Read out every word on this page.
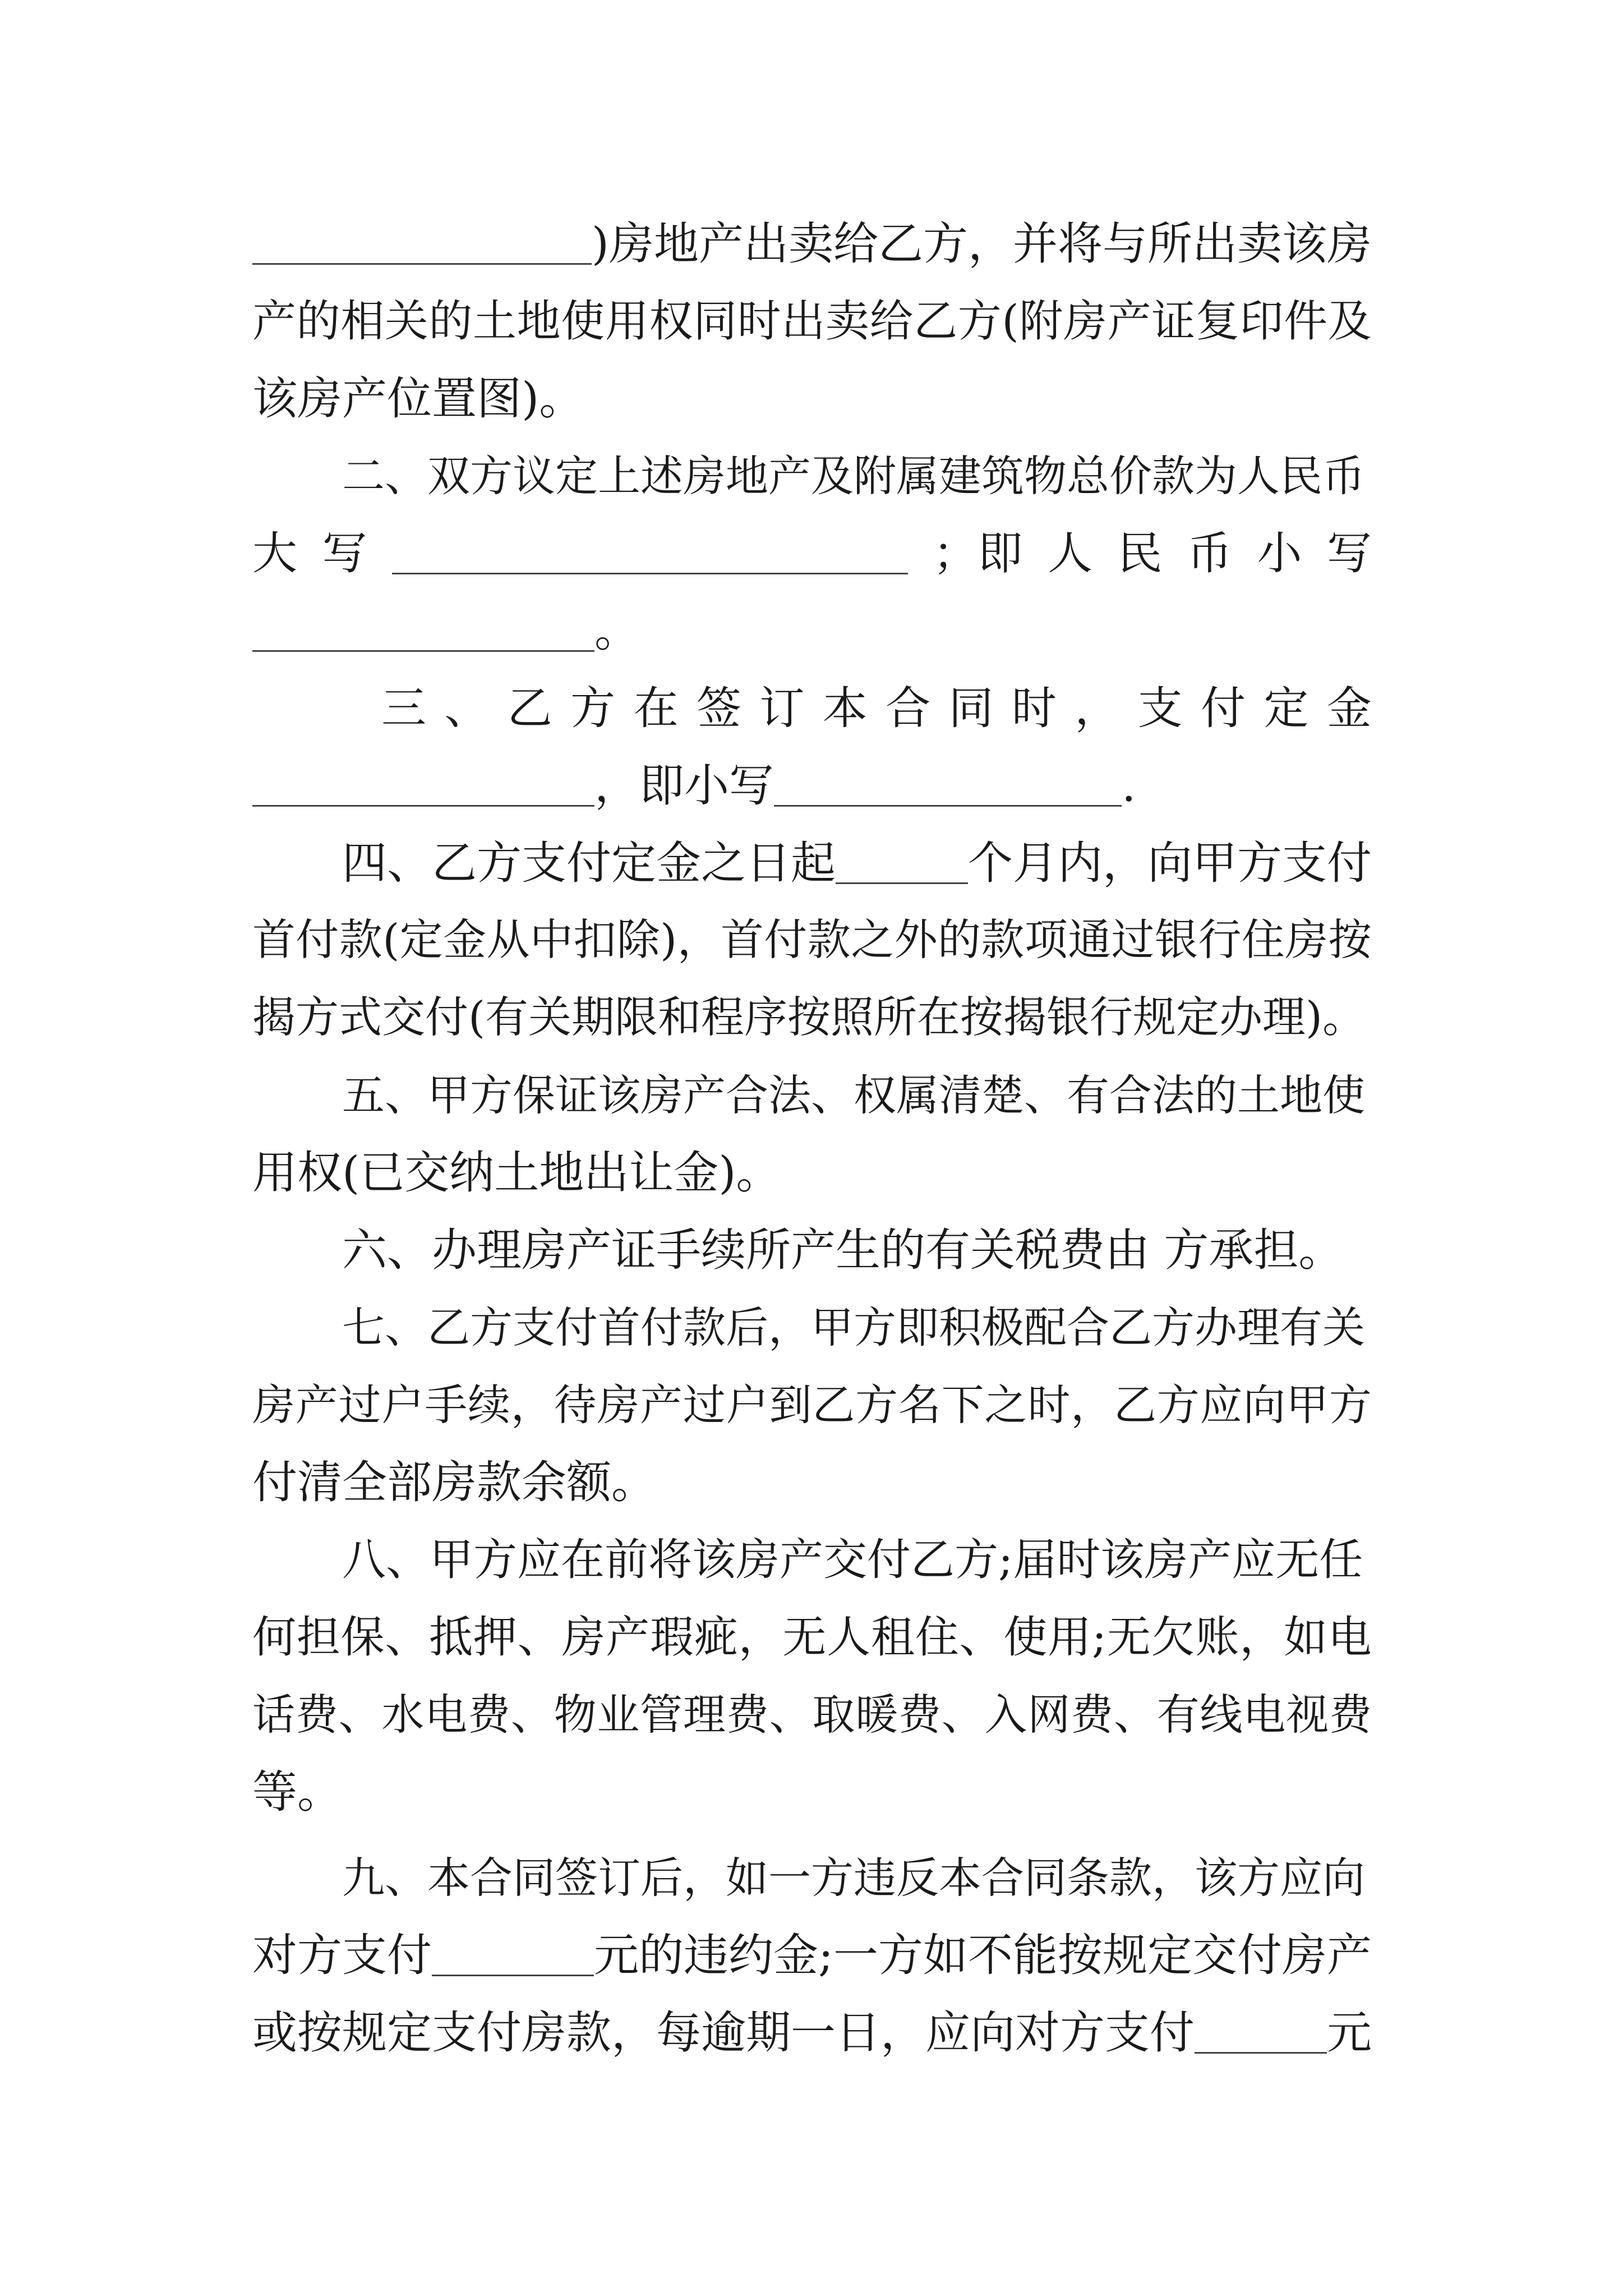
)房地产出卖给乙方，并将与所出卖该房
产 的 相 关 的 土 地 使 用 权 同 时 出 卖 给 乙 方 ( 附 房 产 证 复 印 件 及
该房产位置图)。
二、双方议定上述房地产及附属建筑物总价款为人民币
大 写	；即 人 民 币 小 写
。
三 、 乙 方 在 签 订 本 合 同 时 ， 支 付 定 金
，即小写	.
四、乙方支付定金之日起	个月内，向甲方支付
首 付 款 ( 定 金 从 中 扣 除 ) ， 首 付 款 之 外 的 款 项 通 过 银 行 住 房 按
揭方式交付(有关期限和程序按照所在按揭银行规定办理)。
五、甲方保证该房产合法、权属清楚、有合法的土地使
用权(已交纳土地出让金)。
六、办理房产证手续所产生的有关税费由 方承担。
七、乙方支付首付款后，甲方即积极配合乙方办理有关
房 产 过 户 手 续 ， 待 房 产 过 户 到 乙 方 名 下 之 时 ， 乙 方 应 向 甲 方
付清全部房款余额。
八、甲方应在前将该房产交付乙方;届时该房产应无任
何 担 保 、 抵 押 、 房 产 瑕 疵 ， 无 人 租 住 、 使 用 ; 无 欠 账 ， 如 电
话 费 、 水 电 费 、 物 业 管 理 费 、 取 暖 费 、 入 网 费 、 有 线 电 视 费
等。
九、本合同签订后，如一方违反本合同条款，该方应向
对方支付	元的违约金;一方如不能按规定交付房产
或按规定支付房款，每逾期一日，应向对方支付	元
